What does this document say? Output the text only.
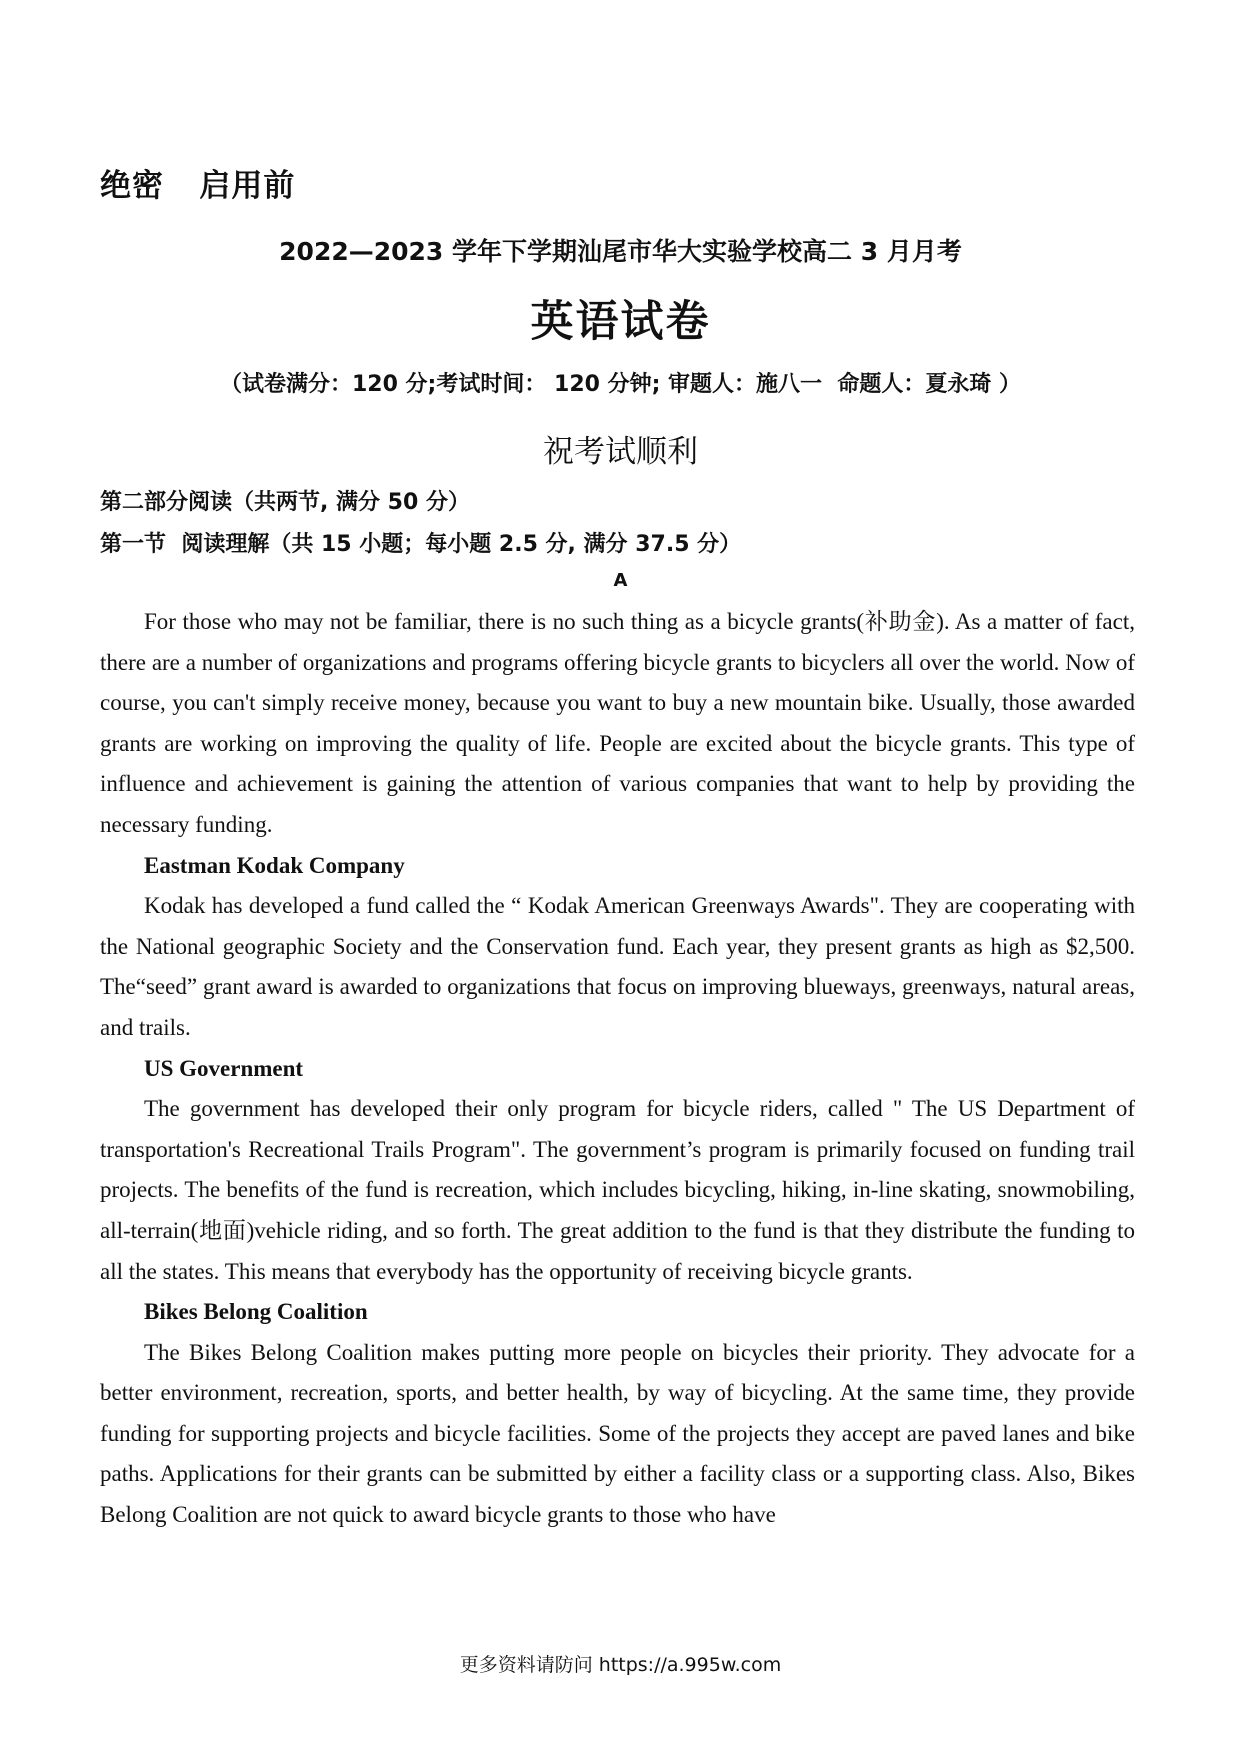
绝密   启用前
2022—2023 学年下学期汕尾市华大实验学校高二 3 月月考
英语试卷
（试卷满分：120 分;考试时间： 120 分钟; 审题人：施八一  命题人：夏永琦 ）
祝考试顺利
第二部分阅读（共两节, 满分 50 分）
第一节  阅读理解（共 15 小题；每小题 2.5 分, 满分 37.5 分）
A

For those who may not be familiar, there is no such thing as a bicycle grants(补助金). As a matter of fact, there are a number of organizations and programs offering bicycle grants to bicyclers all over the world. Now of course, you can't simply receive money, because you want to buy a new mountain bike. Usually, those awarded grants are working on improving the quality of life. People are excited about the bicycle grants. This type of influence and achievement is gaining the attention of various companies that want to help by providing the necessary funding.

Eastman Kodak Company

Kodak has developed a fund called the “ Kodak American Greenways Awards". They are cooperating with the National geographic Society and the Conservation fund. Each year, they present grants as high as $2,500. The“seed” grant award is awarded to organizations that focus on improving blueways, greenways, natural areas, and trails.

US Government

The government has developed their only program for bicycle riders, called " The US Department of transportation's Recreational Trails Program". The government’s program is primarily focused on funding trail projects. The benefits of the fund is recreation, which includes bicycling, hiking, in-line skating, snowmobiling, all-terrain(地面)vehicle riding, and so forth. The great addition to the fund is that they distribute the funding to all the states. This means that everybody has the opportunity of receiving bicycle grants.

Bikes Belong Coalition

The Bikes Belong Coalition makes putting more people on bicycles their priority. They advocate for a better environment, recreation, sports, and better health, by way of bicycling. At the same time, they provide funding for supporting projects and bicycle facilities. Some of the projects they accept are paved lanes and bike paths. Applications for their grants can be submitted by either a facility class or a supporting class. Also, Bikes Belong Coalition are not quick to award bicycle grants to those who have

更多资料请防问 https://a.995w.com
